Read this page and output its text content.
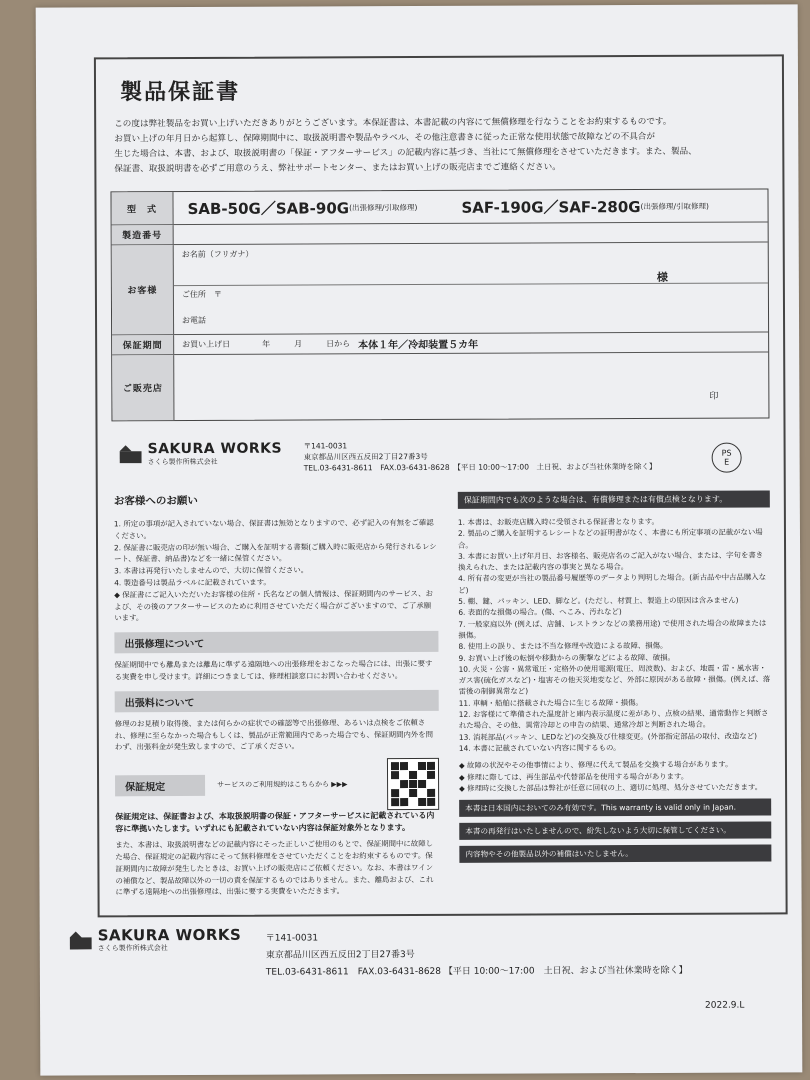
製品保証書

この度は弊社製品をお買い上げいただきありがとうございます。本保証書は、本書記載の内容にて無償修理を行なうことをお約束するものです。

お買い上げの年月日から起算し、保障期間中に、取扱説明書や製品やラベル、その他注意書きに従った正常な使用状態で故障などの不具合が

生じた場合は、本書、および、取扱説明書の「保証・アフターサービス」の記載内容に基づき、当社にて無償修理をさせていただきます。また、製品、

保証書、取扱説明書を必ずご用意のうえ、弊社サポートセンター、またはお買い上げの販売店までご連絡ください。

型　式	SAB-50G／SAB-90G (出張修理/引取修理)	SAF-190G／SAF-280G (出張修理/引取修理)
製造番号
お客様
お名前（フリガナ）
様
ご住所　〒
お電話
保証期間	お買い上げ日　　　　年　　　月　　　日から 本体１年／冷却装置５カ年
ご販売店
印
SAKURA WORKS
さくら製作所株式会社
〒141-0031
東京都品川区西五反田2丁目27番3号
TEL.03-6431-8611　FAX.03-6431-8628　【平日 10:00〜17:00　土日祝、および当社休業時を除く】
PS
E
お客様へのお願い
1. 所定の事項が記入されていない場合、保証書は無効となりますので、必ず記入の有無をご確認ください。
2. 保証書に販売店の印が無い場合、ご購入を証明する書類(ご購入時に販売店から発行されるレシート、保証書、納品書)などを一緒に保管ください。
3. 本書は再発行いたしませんので、大切に保管ください。
4. 製造番号は製品ラベルに記載されています。
◆ 保証書にご記入いただいたお客様の住所・氏名などの個人情報は、保証期間内のサービス、および、その後のアフターサービスのために利用させていただく場合がございますので、ご了承願います。
出張修理について
保証期間中でも離島または離島に準ずる遠隔地への出張修理をおこなった場合には、出張に要する実費を申し受けます。詳細につきましては、修理相談窓口にお問い合わせください。
出張料について
修理のお見積り取得後、または何らかの症状での確認等で出張修理、あるいは点検をご依頼され、修理に至らなかった場合もしくは、製品が正常範囲内であった場合でも、保証期間内外を問わず、出張料金が発生致しますので、ご了承ください。
保証規定	サービスのご利用規約はこちらから ▶▶▶
保証規定は、保証書および、本取扱説明書の保証・アフターサービスに記載されている内容に準拠いたします。いずれにも記載されていない内容は保証対象外となります。
また、本書は、取扱説明書などの記載内容にそった正しいご使用のもとで、保証期間中に故障した場合、保証規定の記載内容にそって無料修理をさせていただくことをお約束するものです。保証期間内に故障が発生したときは、お買い上げの販売店にご依頼ください。なお、本書はワインの補償など、製品故障以外の一切の責を保証するものではありません。また、離島および、これに準ずる遠隔地への出張修理は、出張に要する実費をいただきます。
保証期間内でも次のような場合は、有償修理または有償点検となります。
1. 本書は、お販売店購入時に受領される保証書となります。
2. 製品のご購入を証明するレシートなどの証明書がなく、本書にも所定事項の記載がない場合。
3. 本書にお買い上げ年月日、お客様名、販売店名のご記入がない場合、または、字句を書き換えられた、または記載内容の事実と異なる場合。
4. 所有者の変更が当社の製品番号履歴等のデータより判明した場合。(新古品や中古品購入など)
5. 棚、鍵、パッキン、LED、脚など。(ただし、材質上、製造上の原因は含みません)
6. 表面的な損傷の場合。(傷、へこみ、汚れなど)
7. 一般家庭以外 (例えば、店舗、レストランなどの業務用途) で使用された場合の故障または損傷。
8. 使用上の誤り、または不当な修理や改造による故障、損傷。
9. お買い上げ後の転倒や移動からの衝撃などによる故障、破損。
10. 火災・公害・異常電圧・定格外の使用電源(電圧、周波数)、および、地震・雷・風水害・ガス害(硫化ガスなど)・塩害その他天災地変など、外部に原因がある故障・損傷。(例えば、落雷後の制御異常など)
11. 車輌・船舶に搭載された場合に生じる故障・損傷。
12. お客様にて準備された温度計と庫内表示温度に差があり、点検の結果、通常動作と判断された場合、その他、異常冷却との申告の結果、通常冷却と判断された場合。
13. 消耗部品(パッキン、LEDなど)の交換及び仕様変更。(外部指定部品の取付、改造など)
14. 本書に記載されていない内容に関するもの。
◆ 故障の状況やその他事情により、修理に代えて製品を交換する場合があります。
◆ 修理に際しては、再生部品や代替部品を使用する場合があります。
◆ 修理時に交換した部品は弊社が任意に回収の上、適切に処理、処分させていただきます。
本書は日本国内においてのみ有効です。This warranty is valid only in Japan.
本書の再発行はいたしませんので、紛失しないよう大切に保管してください。
内容物やその他製品以外の補償はいたしません。
SAKURA WORKS
さくら製作所株式会社
〒141-0031
東京都品川区西五反田2丁目27番3号
TEL.03-6431-8611　FAX.03-6431-8628 【平日 10:00〜17:00　土日祝、および当社休業時を除く】
2022.9.L
